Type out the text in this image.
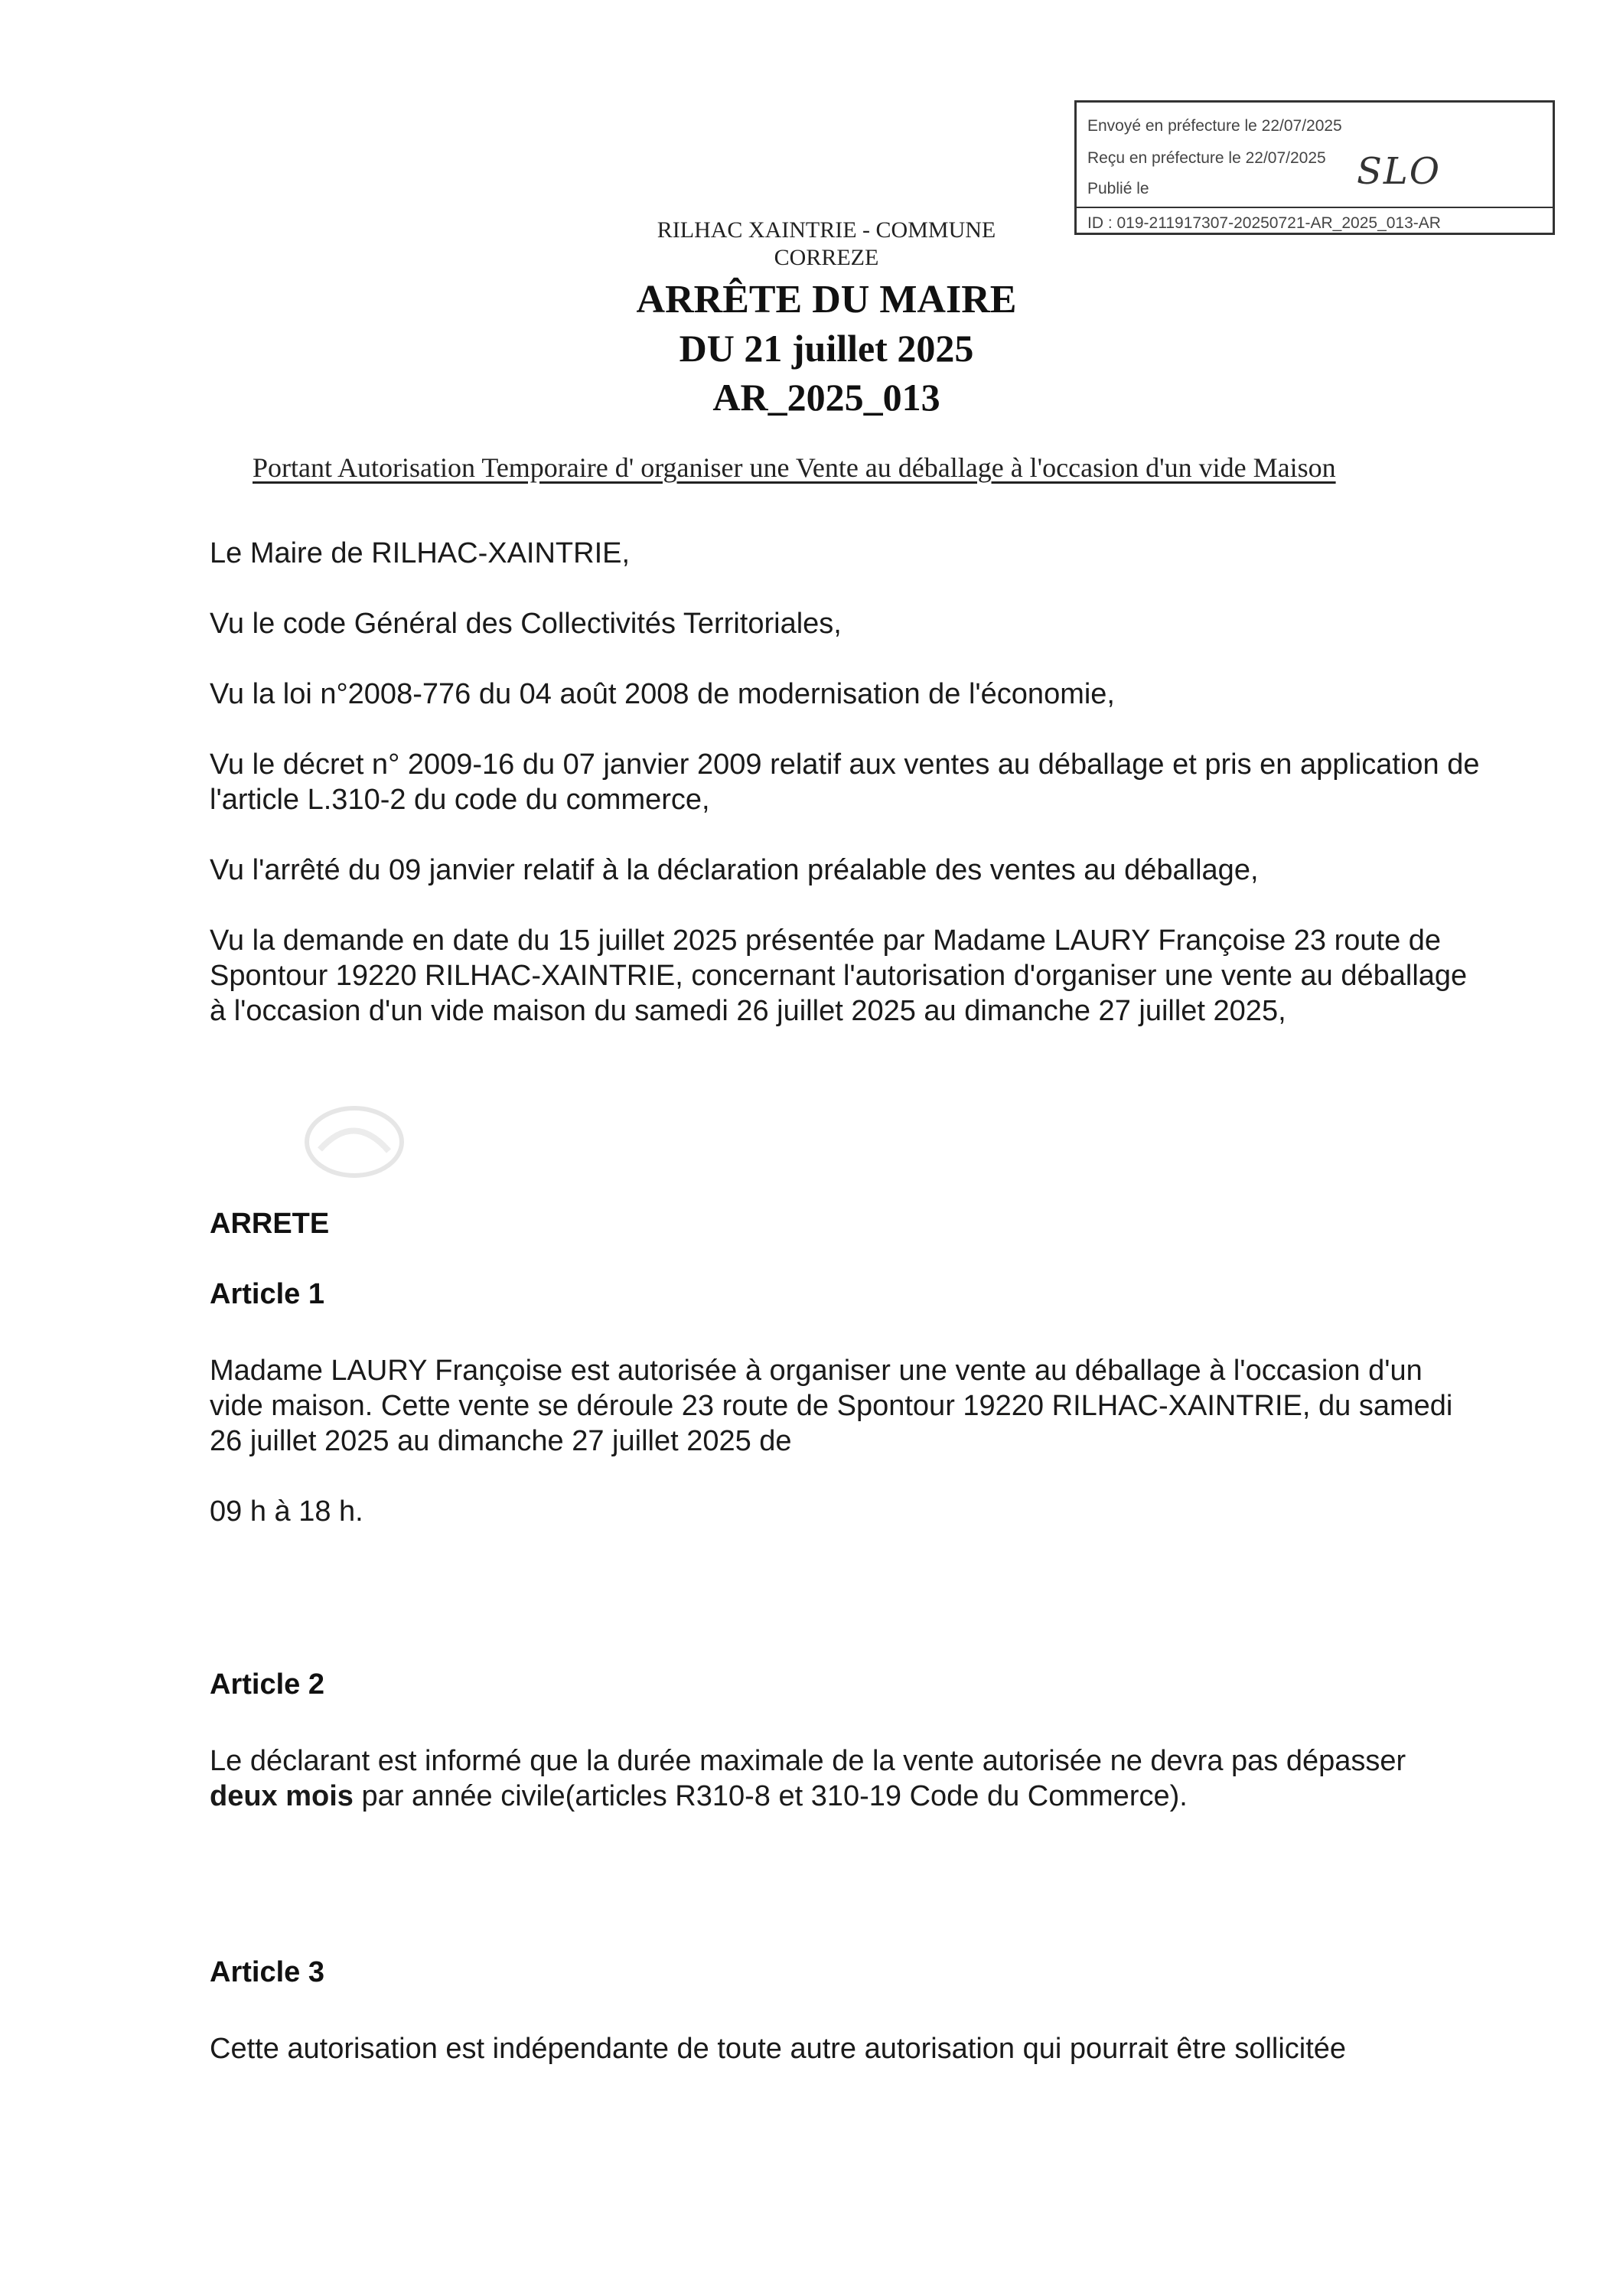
Envoyé en préfecture le 22/07/2025
Reçu en préfecture le 22/07/2025
Publié le	SLO
ID : 019-211917307-20250721-AR_2025_013-AR
RILHAC XAINTRIE - COMMUNE
CORREZE
ARRÊTE DU MAIRE
DU 21 juillet 2025
AR_2025_013
Portant Autorisation Temporaire d' organiser une Vente au déballage à l'occasion d'un vide Maison

Le Maire de RILHAC-XAINTRIE,

Vu le code Général des Collectivités Territoriales,

Vu la loi n°2008-776 du 04 août 2008 de modernisation de l'économie,

Vu le décret n° 2009-16 du 07 janvier 2009 relatif aux ventes au déballage et pris en application de l'article L.310-2 du code du commerce,

Vu l'arrêté du 09 janvier relatif à la déclaration préalable des ventes au déballage,

Vu la demande en date du 15 juillet 2025 présentée par Madame LAURY Françoise 23 route de Spontour 19220 RILHAC-XAINTRIE, concernant l'autorisation d'organiser une vente au déballage à l'occasion d'un vide maison du samedi 26 juillet 2025 au dimanche 27 juillet 2025,

ARRETE
Article 1

Madame LAURY Françoise est autorisée à organiser une vente au déballage à l'occasion d'un vide maison. Cette vente se déroule 23 route de Spontour 19220 RILHAC-XAINTRIE, du samedi 26 juillet 2025 au dimanche 27 juillet 2025 de

09 h à 18 h.

Article 2

Le déclarant est informé que la durée maximale de la vente autorisée ne devra pas dépasser deux mois par année civile(articles R310-8 et 310-19 Code du Commerce).

Article 3

Cette autorisation est indépendante de toute autre autorisation qui pourrait être sollicitée
